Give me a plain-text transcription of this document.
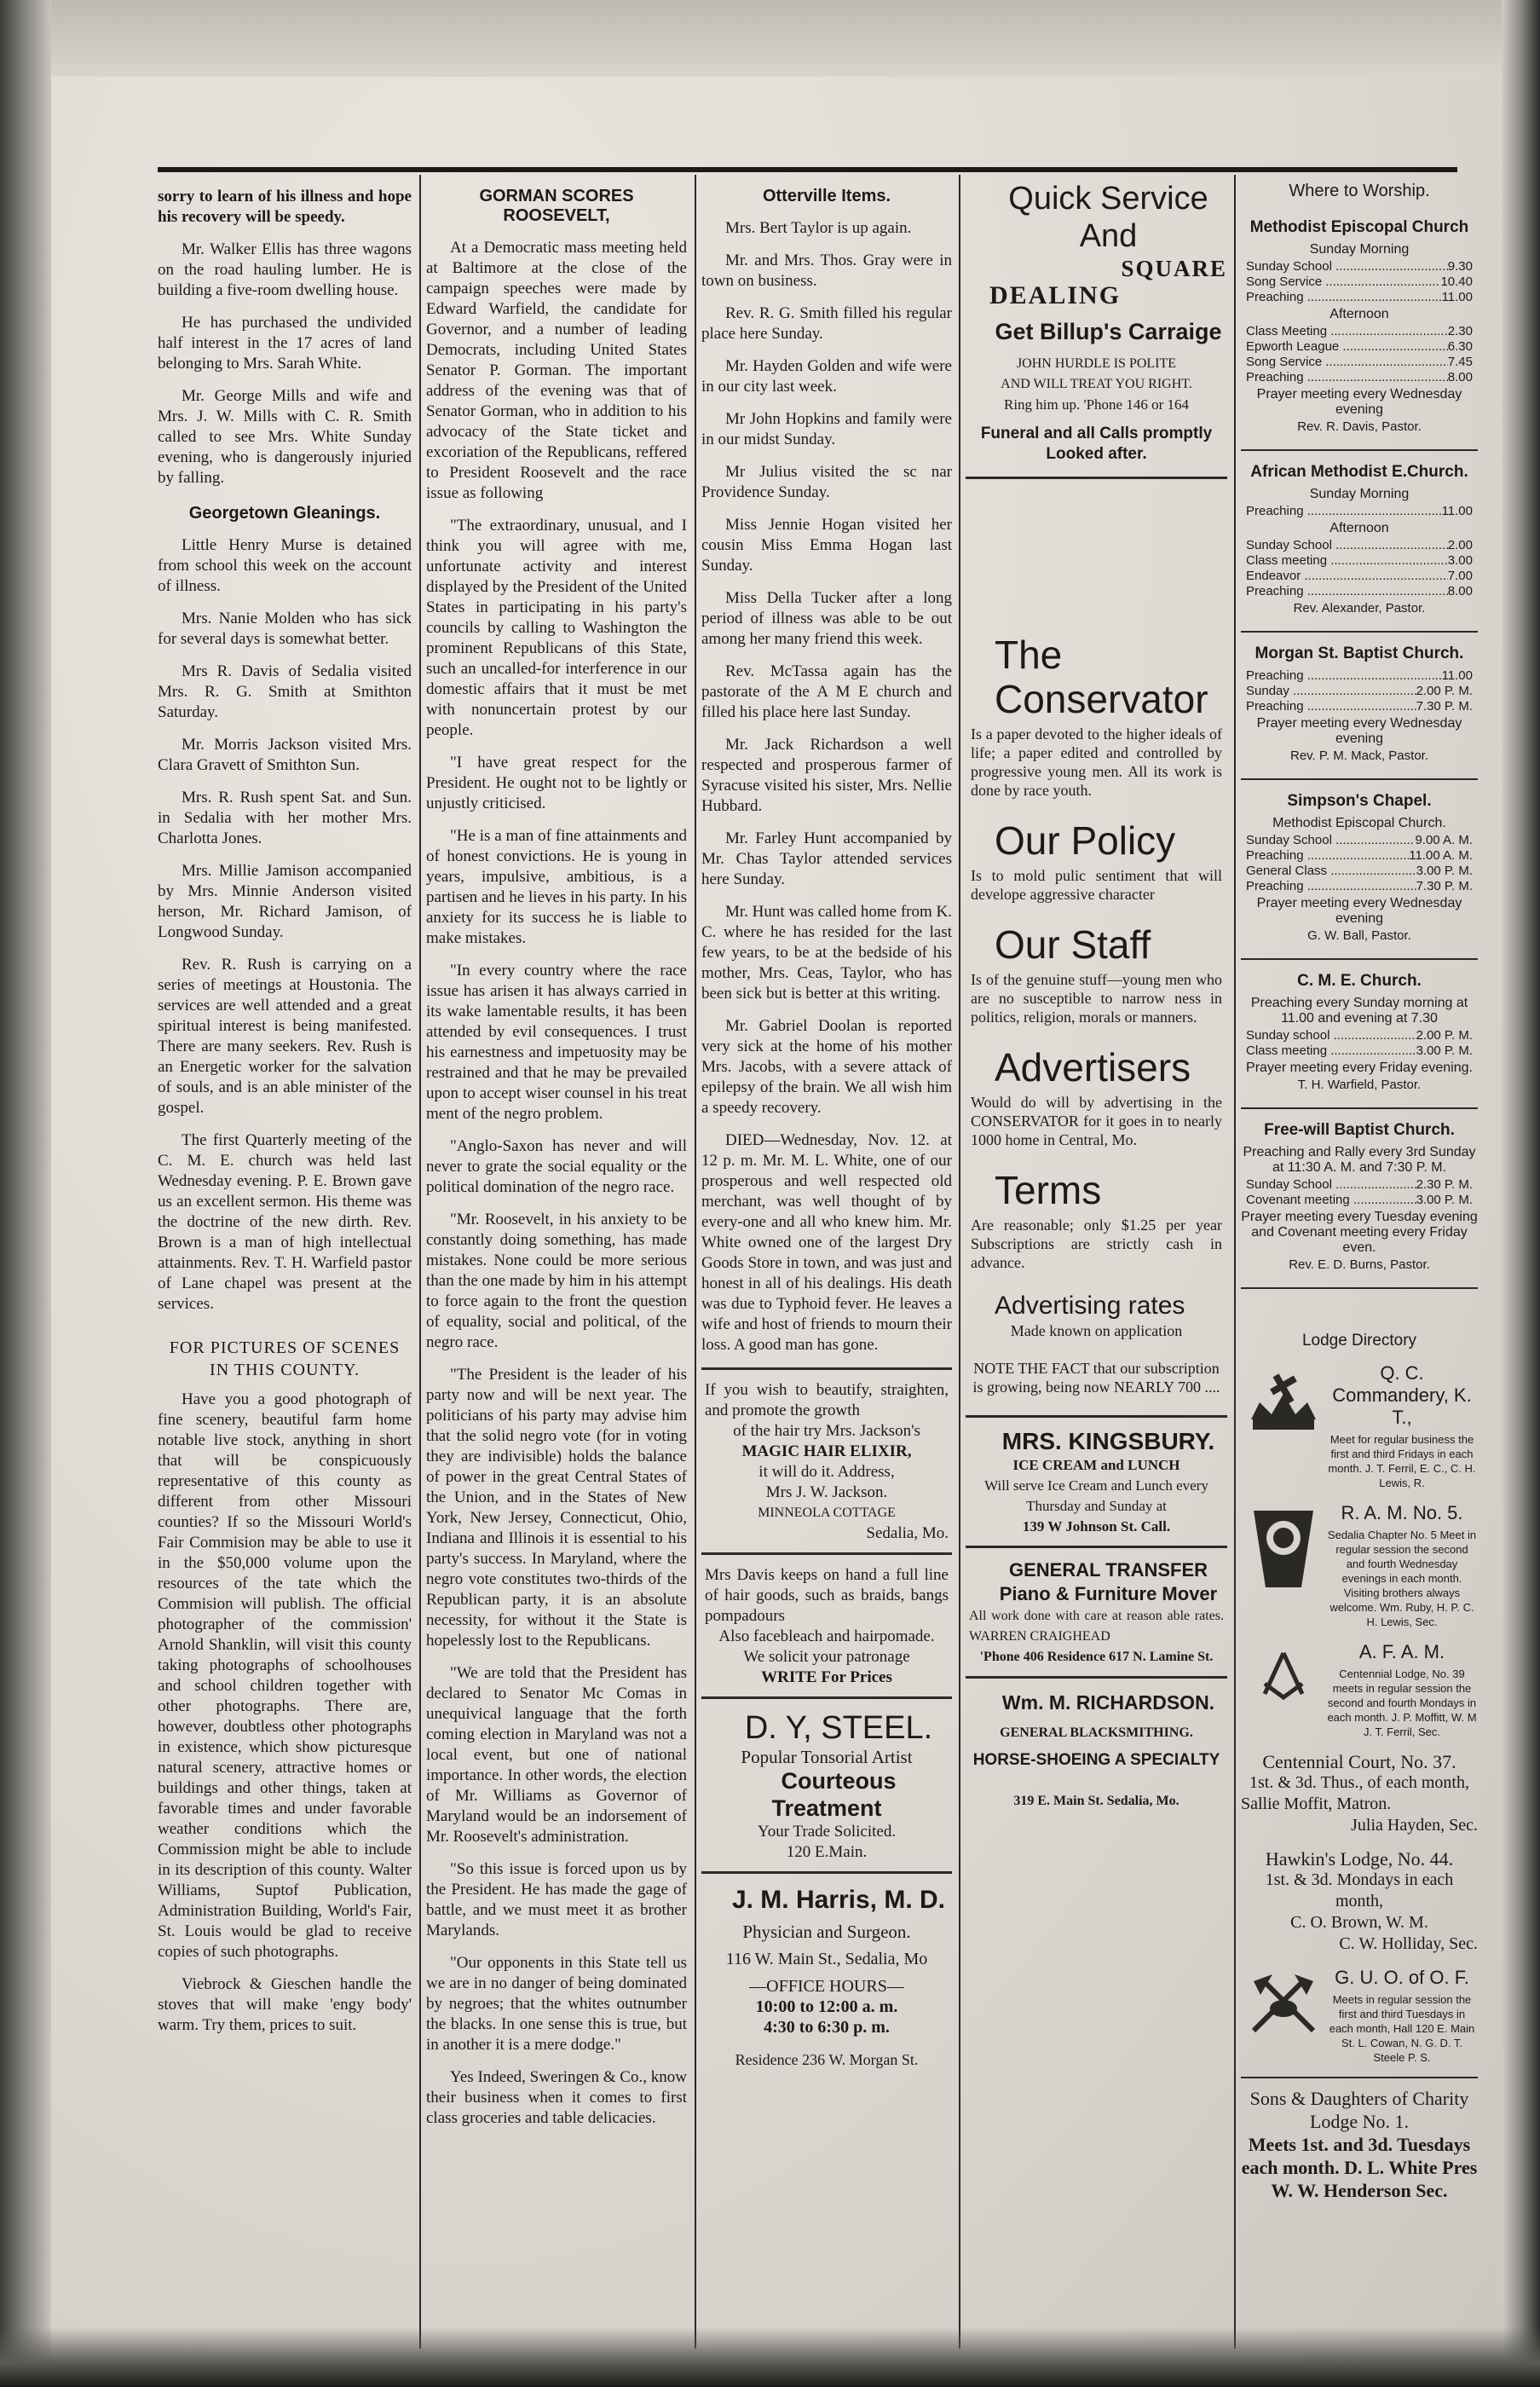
sorry to learn of his illness and hope his recovery will be speedy.

Mr. Walker Ellis has three wagons on the road hauling lumber. He is building a five-room dwelling house.

He has purchased the undivided half interest in the 17 acres of land belonging to Mrs. Sarah White.

Mr. George Mills and wife and Mrs. J. W. Mills with C. R. Smith called to see Mrs. White Sunday evening, who is dangerously injuried by falling.

Georgetown Gleanings.

Little Henry Murse is detained from school this week on the account of illness.

Mrs. Nanie Molden who has sick for several days is somewhat better.

Mrs R. Davis of Sedalia visited Mrs. R. G. Smith at Smithton Saturday.

Mr. Morris Jackson visited Mrs. Clara Gravett of Smithton Sun.

Mrs. R. Rush spent Sat. and Sun. in Sedalia with her mother Mrs. Charlotta Jones.

Mrs. Millie Jamison accompanied by Mrs. Minnie Anderson visited herson, Mr. Richard Jamison, of Longwood Sunday.

Rev. R. Rush is carrying on a series of meetings at Houstonia. The services are well attended and a great spiritual interest is being manifested. There are many seekers. Rev. Rush is an Energetic worker for the salvation of souls, and is an able minister of the gospel.

The first Quarterly meeting of the C. M. E. church was held last Wednesday evening. P. E. Brown gave us an excellent sermon. His theme was the doctrine of the new dirth. Rev. Brown is a man of high intellectual attainments. Rev. T. H. Warfield pastor of Lane chapel was present at the services.

FOR PICTURES OF SCENES IN THIS COUNTY.

Have you a good photograph of fine scenery, beautiful farm home notable live stock, anything in short that will be conspicuously representative of this county as different from other Missouri counties? If so the Missouri World's Fair Commision may be able to use it in the $50,000 volume upon the resources of the tate which the Commision will publish. The official photographer of the commission' Arnold Shanklin, will visit this county taking photographs of schoolhouses and school children together with other photographs. There are, however, doubtless other photographs in existence, which show picturesque natural scenery, attractive homes or buildings and other things, taken at favorable times and under favorable weather conditions which the Commission might be able to include in its description of this county. Walter Williams, Suptof Publication, Administration Building, World's Fair, St. Louis would be glad to receive copies of such photographs.

Viebrock & Gieschen handle the stoves that will make 'engy body' warm. Try them, prices to suit.

GORMAN SCORES ROOSEVELT,

At a Democratic mass meeting held at Baltimore at the close of the campaign speeches were made by Edward Warfield, the candidate for Governor, and a number of leading Democrats, including United States Senator P. Gorman. The important address of the evening was that of Senator Gorman, who in addition to his advocacy of the State ticket and excoriation of the Republicans, reffered to President Roosevelt and the race issue as following

"The extraordinary, unusual, and I think you will agree with me, unfortunate activity and interest displayed by the President of the United States in participating in his party's councils by calling to Washington the prominent Republicans of this State, such an uncalled-for interference in our domestic affairs that it must be met with nonuncertain protest by our people.

"I have great respect for the President. He ought not to be lightly or unjustly criticised.

"He is a man of fine attainments and of honest convictions. He is young in years, impulsive, ambitious, is a partisen and he lieves in his party. In his anxiety for its success he is liable to make mistakes.

"In every country where the race issue has arisen it has always carried in its wake lamentable results, it has been attended by evil consequences. I trust his earnestness and impetuosity may be restrained and that he may be prevailed upon to accept wiser counsel in his treat ment of the negro problem.

"Anglo-Saxon has never and will never to grate the social equality or the political domination of the negro race.

"Mr. Roosevelt, in his anxiety to be constantly doing something, has made mistakes. None could be more serious than the one made by him in his attempt to force again to the front the question of equality, social and political, of the negro race.

"The President is the leader of his party now and will be next year. The politicians of his party may advise him that the solid negro vote (for in voting they are indivisible) holds the balance of power in the great Central States of the Union, and in the States of New York, New Jersey, Connecticut, Ohio, Indiana and Illinois it is essential to his party's success. In Maryland, where the negro vote constitutes two-thirds of the Republican party, it is an absolute necessity, for without it the State is hopelessly lost to the Republicans.

"We are told that the President has declared to Senator Mc Comas in unequivical language that the forth coming election in Maryland was not a local event, but one of national importance. In other words, the election of Mr. Williams as Governor of Maryland would be an indorsement of Mr. Roosevelt's administration.

"So this issue is forced upon us by the President. He has made the gage of battle, and we must meet it as brother Marylands.

"Our opponents in this State tell us we are in no danger of being dominated by negroes; that the whites outnumber the blacks. In one sense this is true, but in another it is a mere dodge."

Yes Indeed, Sweringen & Co., know their business when it comes to first class groceries and table delicacies.

Otterville Items.

Mrs. Bert Taylor is up again.

Mr. and Mrs. Thos. Gray were in town on business.

Rev. R. G. Smith filled his regular place here Sunday.

Mr. Hayden Golden and wife were in our city last week.

Mr John Hopkins and family were in our midst Sunday.

Mr Julius visited the sc nar Providence Sunday.

Miss Jennie Hogan visited her cousin Miss Emma Hogan last Sunday.

Miss Della Tucker after a long period of illness was able to be out among her many friend this week.

Rev. McTassa again has the pastorate of the A M E church and filled his place here last Sunday.

Mr. Jack Richardson a well respected and prosperous farmer of Syracuse visited his sister, Mrs. Nellie Hubbard.

Mr. Farley Hunt accompanied by Mr. Chas Taylor attended services here Sunday.

Mr. Hunt was called home from K. C. where he has resided for the last few years, to be at the bedside of his mother, Mrs. Ceas, Taylor, who has been sick but is better at this writing.

Mr. Gabriel Doolan is reported very sick at the home of his mother Mrs. Jacobs, with a severe attack of epilepsy of the brain. We all wish him a speedy recovery.

DIED—Wednesday, Nov. 12. at 12 p. m. Mr. M. L. White, one of our prosperous and well respected old merchant, was well thought of by every-one and all who knew him. Mr. White owned one of the largest Dry Goods Store in town, and was just and honest in all of his dealings. His death was due to Typhoid fever. He leaves a wife and host of friends to mourn their loss. A good man has gone.

If you wish to beautify, straighten, and promote the growth

of the hair try Mrs. Jackson's

MAGIC HAIR ELIXIR,

it will do it. Address,

Mrs J. W. Jackson.

MINNEOLA COTTAGE

Sedalia, Mo.

Mrs Davis keeps on hand a full line of hair goods, such as braids, bangs pompadours

Also facebleach and hairpomade.

We solicit your patronage

WRITE For Prices

D. Y, STEEL.

Popular Tonsorial Artist

Courteous Treatment

Your Trade Solicited.

120 E.Main.

J. M. Harris, M. D.

Physician and Surgeon.

116 W. Main St., Sedalia, Mo

—OFFICE HOURS—

10:00 to 12:00 a. m.

4:30 to 6:30 p. m.

Residence 236 W. Morgan St.

Quick Service

And

SQUARE

DEALING

Get Billup's Carraige

JOHN HURDLE IS POLITE

AND WILL TREAT YOU RIGHT.

Ring him up. 'Phone 146 or 164

Funeral and all Calls promptly

Looked after.

The

Conservator

Is a paper devoted to the higher ideals of life; a paper edited and controlled by progressive young men. All its work is done by race youth.

Our Policy

Is to mold pulic sentiment that will develope aggressive character

Our Staff

Is of the genuine stuff—young men who are no susceptible to narrow ness in politics, religion, morals or manners.

Advertisers

Would do will by advertising in the CONSERVATOR for it goes in to nearly 1000 home in Central, Mo.

Terms

Are reasonable; only $1.25 per year Subscriptions are strictly cash in advance.

Advertising rates

Made known on application

NOTE THE FACT that our subscription is growing, being now NEARLY 700 ....

MRS. KINGSBURY.

ICE CREAM and LUNCH

Will serve Ice Cream and Lunch every Thursday and Sunday at

139 W Johnson St. Call.

GENERAL TRANSFER

Piano & Furniture Mover

All work done with care at reason able rates. WARREN CRAIGHEAD

'Phone 406 Residence 617 N. Lamine St.

Wm. M. RICHARDSON.

GENERAL BLACKSMITHING.

HORSE-SHOEING A SPECIALTY

319 E. Main St. Sedalia, Mo.

Where to Worship.
Methodist Episcopal Church
Sunday Morning
Sunday School .....	9.30
Song Service .....	10.40
Preaching .....	11.00
Afternoon
Class Meeting .....	2.30
Epworth League .....	6.30
Song Service .....	7.45
Preaching .....	8.00
Prayer meeting every Wednesday evening
Rev. R. Davis, Pastor.
African Methodist E.Church.
Sunday Morning
Preaching .....	11.00
Afternoon
Sunday School .....	2.00
Class meeting .....	3.00
Endeavor .....	7.00
Preaching .....	8.00
Rev. Alexander, Pastor.
Morgan St. Baptist Church.
Preaching .....	11.00
Sunday .....	2.00 P. M.
Preaching .....	7.30 P. M.
Prayer meeting every Wednesday evening
Rev. P. M. Mack, Pastor.
Simpson's Chapel.
Methodist Episcopal Church.
Sunday School .....	9.00 A. M.
Preaching .....	11.00 A. M.
General Class .....	3.00 P. M.
Preaching .....	7.30 P. M.
Prayer meeting every Wednesday evening
G. W. Ball, Pastor.
C. M. E. Church.
Preaching every Sunday morning at 11.00 and evening at 7.30
Sunday school .....	2.00 P. M.
Class meeting .....	3.00 P. M.
Prayer meeting every Friday evening.
T. H. Warfield, Pastor.
Free-will Baptist Church.
Preaching and Rally every 3rd Sunday at 11:30 A. M. and 7:30 P. M.
Sunday School .....	2.30 P. M.
Covenant meeting .....	3.00 P. M.
Prayer meeting every Tuesday evening and Covenant meeting every Friday even.
Rev. E. D. Burns, Pastor.
Lodge Directory
Q. C. Commandery, K. T.,
Meet for regular business the first and third Fridays in each month. J. T. Ferril, E. C., C. H. Lewis, R.
R. A. M. No. 5.
Sedalia Chapter No. 5 Meet in regular session the second and fourth Wednesday evenings in each month. Visiting brothers always welcome. Wm. Ruby, H. P. C. H. Lewis, Sec.
A. F. A. M.
Centennial Lodge, No. 39 meets in regular session the second and fourth Mondays in each month. J. P. Moffitt, W. M J. T. Ferril, Sec.
Centennial Court, No. 37.
1st. & 3d. Thus., of each month,
Sallie Moffit, Matron.
Julia Hayden, Sec.
Hawkin's Lodge, No. 44.
1st. & 3d. Mondays in each month,
C. O. Brown, W. M.
C. W. Holliday, Sec.
G. U. O. of O. F.
Meets in regular session the first and third Tuesdays in each month, Hall 120 E. Main St. L. Cowan, N. G. D. T. Steele P. S.
Sons & Daughters of Charity
Lodge No. 1.
Meets 1st. and 3d. Tuesdays
each month. D. L. White Pres
W. W. Henderson Sec.
